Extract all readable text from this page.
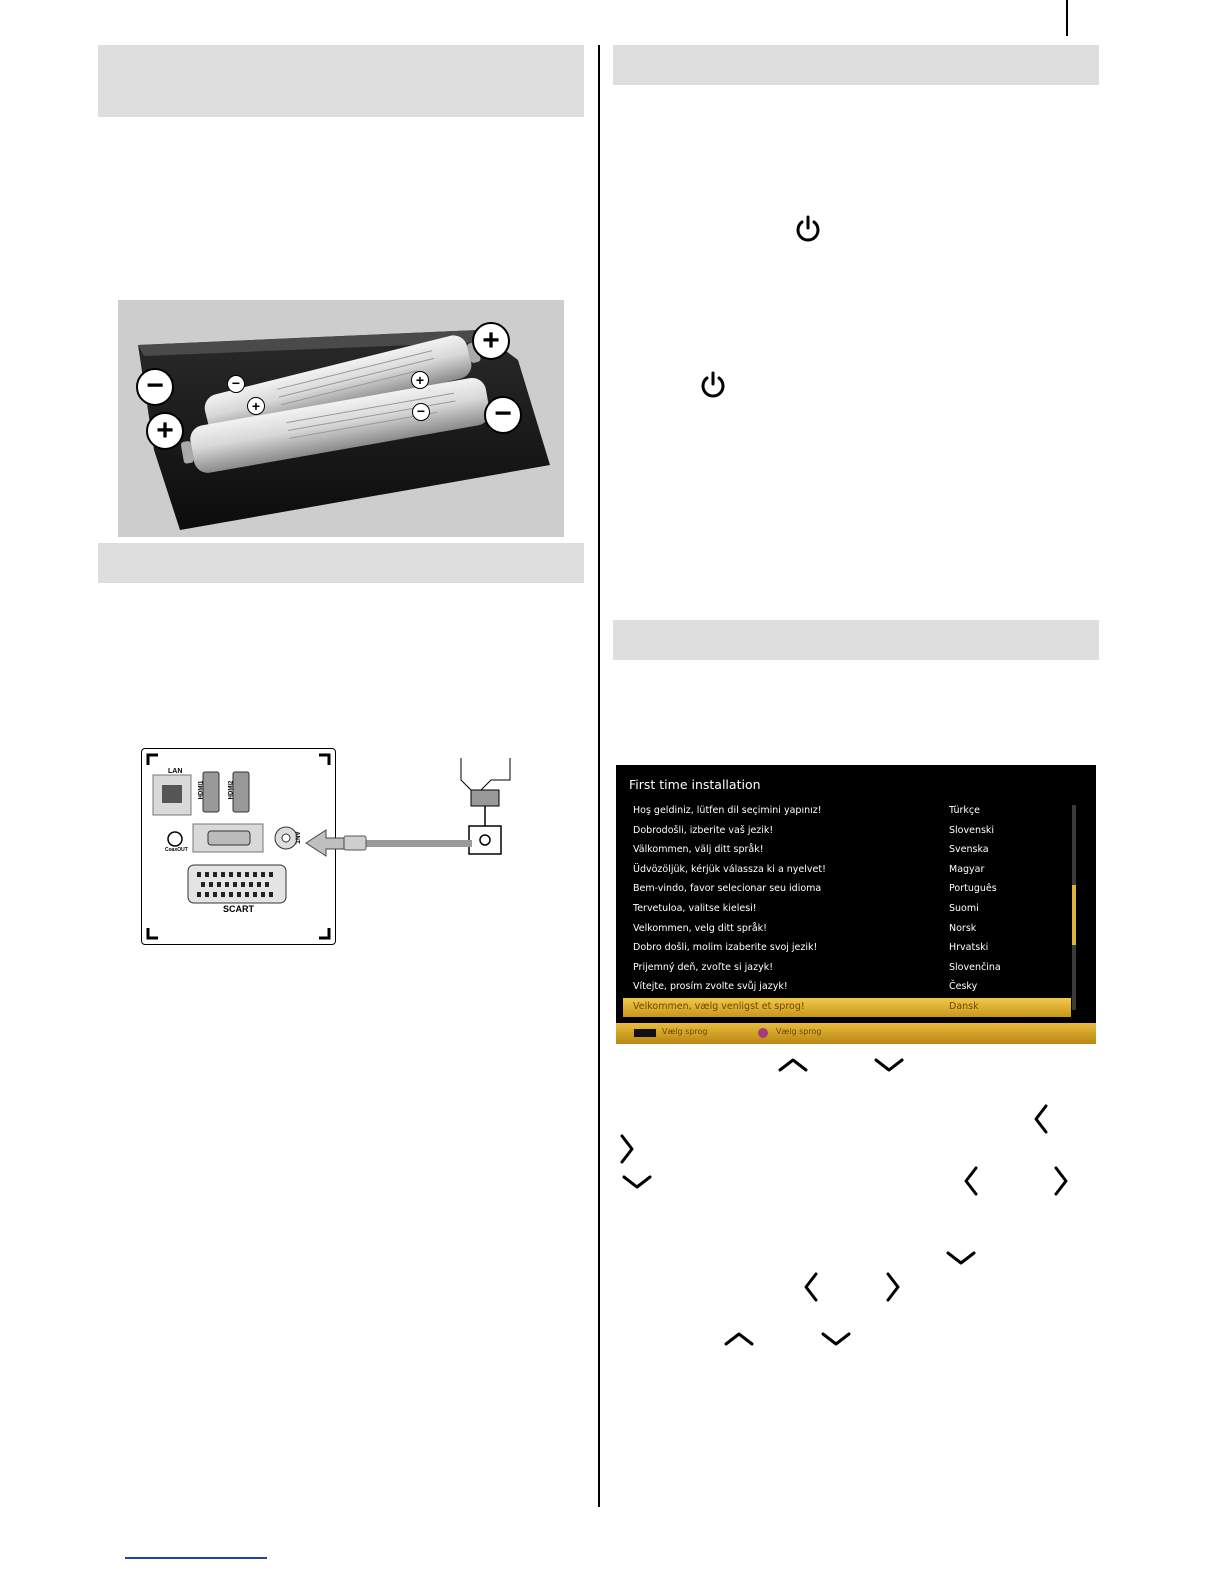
+
−
+
−
−	+
+	−
LAN
HDMI1	HDMI2
CoaxOUT
ANT.
SCART
First time installation
Hoş geldiniz, lütfen dil seçimini yapınız!	Türkçe
Dobrodošli, izberite vaš jezik!	Slovenski
Välkommen, välj ditt språk!	Svenska
Üdvözöljük, kérjük válassza ki a nyelvet!	Magyar
Bem-vindo, favor selecionar seu idioma	Português
Tervetuloa, valitse kielesi!	Suomi
Velkommen, velg ditt språk!	Norsk
Dobro došli, molim izaberite svoj jezik!	Hrvatski
Prijemný deň, zvoľte si jazyk!	Slovenčina
Vítejte, prosím zvolte svůj jazyk!	Česky
Velkommen, vælg venligst et sprog!	Dansk
Vælg sprog	Vælg sprog
